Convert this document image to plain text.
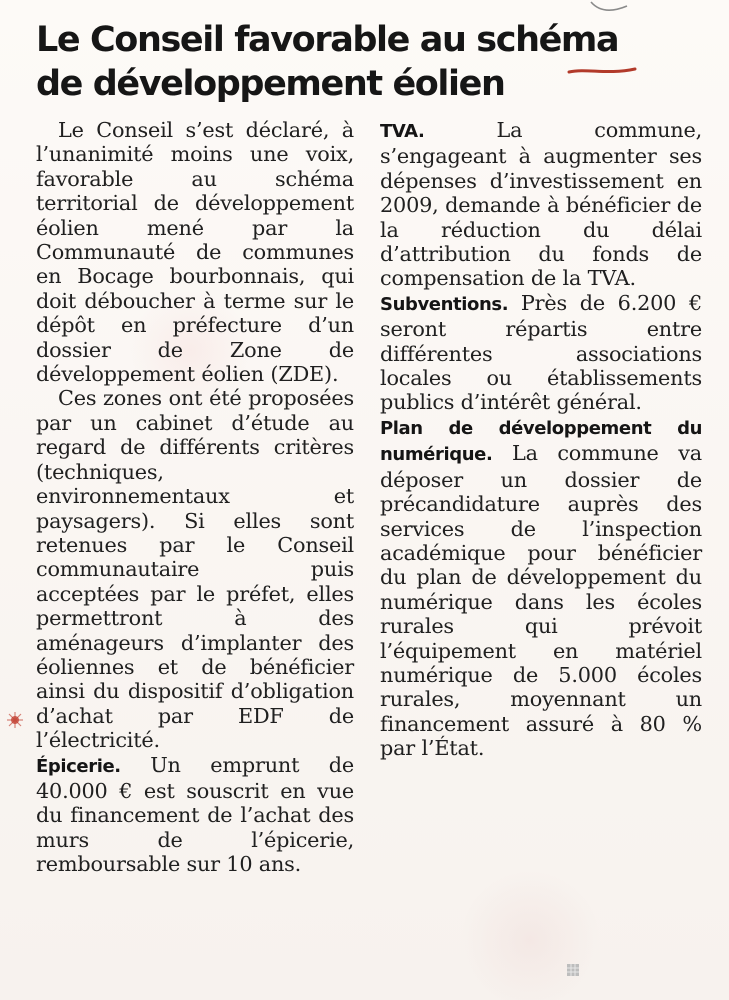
Le Conseil favorable au schéma de développement éolien

Le Conseil s’est déclaré, à l’unanimité moins une voix, favorable au schéma territorial de développement éolien mené par la Communauté de communes en Bocage bourbonnais, qui doit déboucher à terme sur le dépôt en préfecture d’un dossier de Zone de développement éolien (ZDE).

Ces zones ont été proposées par un cabinet d’étude au regard de différents critères (techniques, environnementaux et paysagers). Si elles sont retenues par le Conseil communautaire puis acceptées par le préfet, elles permettront à des aménageurs d’implanter des éoliennes et de bénéficier ainsi du dispositif d’obligation d’achat par EDF de l’électricité.

Épicerie. Un emprunt de 40.000 € est souscrit en vue du financement de l’achat des murs de l’épicerie, remboursable sur 10 ans.

TVA. La commune, s’engageant à augmenter ses dépenses d’investissement en 2009, demande à bénéficier de la réduction du délai d’attribution du fonds de compensation de la TVA.

Subventions. Près de 6.200 € seront répartis entre différentes associations locales ou établissements publics d’intérêt général.

Plan de développement du numérique. La commune va déposer un dossier de précandidature auprès des services de l’inspection académique pour bénéficier du plan de développement du numérique dans les écoles rurales qui prévoit l’équipement en matériel numérique de 5.000 écoles rurales, moyennant un financement assuré à 80 % par l’État.
